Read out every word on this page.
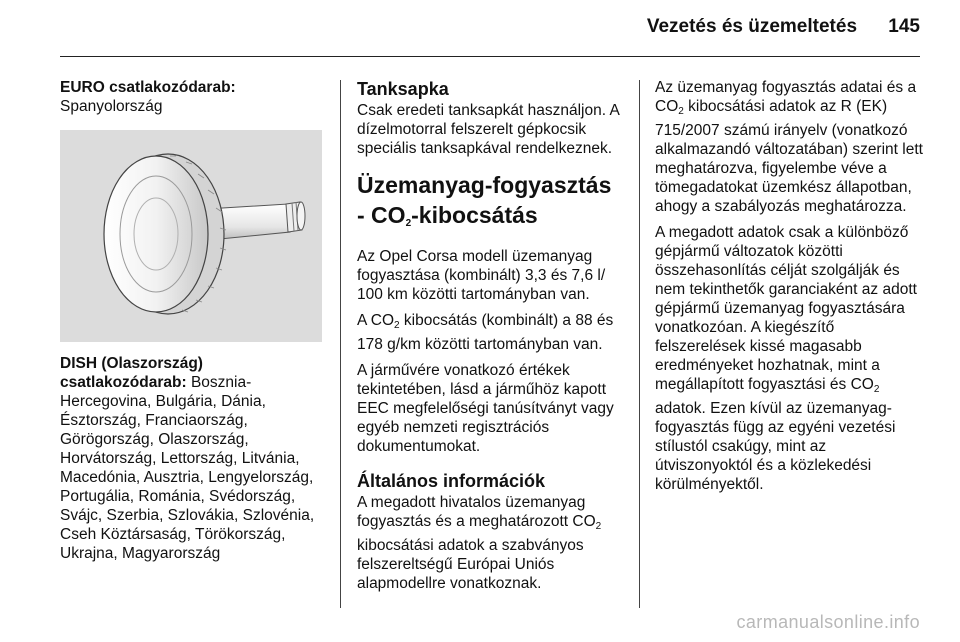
Vezetés és üzemeltetés 145
EURO csatlakozódarab:
Spanyolország
DISH (Olaszország)
csatlakozódarab: Bosznia-Hercegovina, Bulgária, Dánia, Észtország, Franciaország, Görögország, Olaszország, Horvátország, Lettország, Litvánia, Macedónia, Ausztria, Lengyelország, Portugália, Románia, Svédország, Svájc, Szerbia, Szlovákia, Szlovénia, Cseh Köztársaság, Törökország, Ukrajna, Magyarország
Tanksapka

Csak eredeti tanksapkát használjon. A dízelmotorral felszerelt gépkocsik speciális tanksapkával rendelkeznek.

Üzemanyag-fogyasztás - $CO_2$-kibocsátás

Az Opel Corsa modell üzemanyag fogyasztása (kombinált) 3,3 és 7,6 l/ 100 km közötti tartományban van.

A $CO_2$ kibocsátás (kombinált) a 88 és 178 g/km közötti tartományban van.

A járművére vonatkozó értékek tekintetében, lásd a járműhöz kapott EEC megfelelőségi tanúsítványt vagy egyéb nemzeti regisztrációs dokumentumokat.

Általános információk

A megadott hivatalos üzemanyag fogyasztás és a meghatározott $CO_2$ kibocsátási adatok a szabványos felszereltségű Európai Uniós alapmodellre vonatkoznak.

Az üzemanyag fogyasztás adatai és a $CO_2$ kibocsátási adatok az R (EK) 715/2007 számú irányelv (vonatkozó alkalmazandó változatában) szerint lett meghatározva, figyelembe véve a tömegadatokat üzemkész állapotban, ahogy a szabályozás meghatározza.

A megadott adatok csak a különböző gépjármű változatok közötti összehasonlítás célját szolgálják és nem tekinthetők garanciaként az adott gépjármű üzemanyag fogyasztására vonatkozóan. A kiegészítő felszerelések kissé magasabb eredményeket hozhatnak, mint a megállapított fogyasztási és $CO_2$ adatok. Ezen kívül az üzemanyag-fogyasztás függ az egyéni vezetési stílustól csakúgy, mint az útviszonyoktól és a közlekedési körülményektől.

carmanualsonline.info
